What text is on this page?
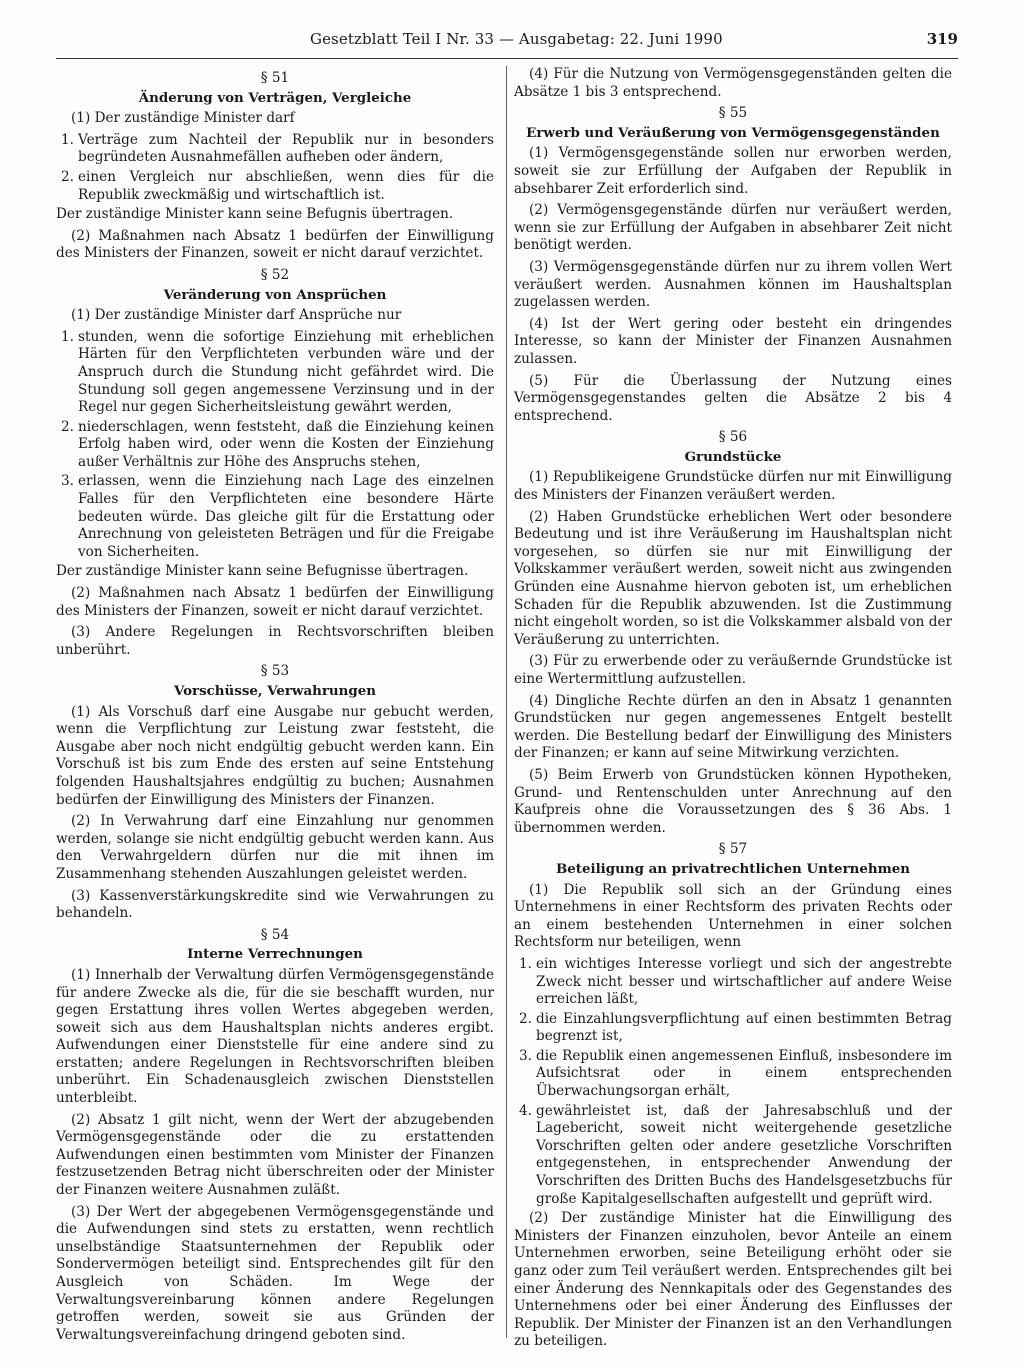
Gesetzblatt Teil I Nr. 33 — Ausgabetag: 22. Juni 1990	319
§ 51
Änderung von Verträgen, Vergleiche

(1) Der zuständige Minister darf

1. Verträge zum Nachteil der Republik nur in besonders begründeten Ausnahmefällen aufheben oder ändern,
2. einen Vergleich nur abschließen, wenn dies für die Republik zweckmäßig und wirtschaftlich ist.

Der zuständige Minister kann seine Befugnis übertragen.

(2) Maßnahmen nach Absatz 1 bedürfen der Einwilligung des Ministers der Finanzen, soweit er nicht darauf verzichtet.

§ 52
Veränderung von Ansprüchen

(1) Der zuständige Minister darf Ansprüche nur

1. stunden, wenn die sofortige Einziehung mit erheblichen Härten für den Verpflichteten verbunden wäre und der Anspruch durch die Stundung nicht gefährdet wird. Die Stundung soll gegen angemessene Verzinsung und in der Regel nur gegen Sicherheitsleistung gewährt werden,
2. niederschlagen, wenn feststeht, daß die Einziehung keinen Erfolg haben wird, oder wenn die Kosten der Einziehung außer Verhältnis zur Höhe des Anspruchs stehen,
3. erlassen, wenn die Einziehung nach Lage des einzelnen Falles für den Verpflichteten eine besondere Härte bedeuten würde. Das gleiche gilt für die Erstattung oder Anrechnung von geleisteten Beträgen und für die Freigabe von Sicherheiten.

Der zuständige Minister kann seine Befugnisse übertragen.

(2) Maßnahmen nach Absatz 1 bedürfen der Einwilligung des Ministers der Finanzen, soweit er nicht darauf verzichtet.

(3) Andere Regelungen in Rechtsvorschriften bleiben unberührt.

§ 53
Vorschüsse, Verwahrungen

(1) Als Vorschuß darf eine Ausgabe nur gebucht werden, wenn die Verpflichtung zur Leistung zwar feststeht, die Ausgabe aber noch nicht endgültig gebucht werden kann. Ein Vorschuß ist bis zum Ende des ersten auf seine Entstehung folgenden Haushaltsjahres endgültig zu buchen; Ausnahmen bedürfen der Einwilligung des Ministers der Finanzen.

(2) In Verwahrung darf eine Einzahlung nur genommen werden, solange sie nicht endgültig gebucht werden kann. Aus den Verwahrgeldern dürfen nur die mit ihnen im Zusammenhang stehenden Auszahlungen geleistet werden.

(3) Kassenverstärkungskredite sind wie Verwahrungen zu behandeln.

§ 54
Interne Verrechnungen

(1) Innerhalb der Verwaltung dürfen Vermögensgegenstände für andere Zwecke als die, für die sie beschafft wurden, nur gegen Erstattung ihres vollen Wertes abgegeben werden, soweit sich aus dem Haushaltsplan nichts anderes ergibt. Aufwendungen einer Dienststelle für eine andere sind zu erstatten; andere Regelungen in Rechtsvorschriften bleiben unberührt. Ein Schadenausgleich zwischen Dienststellen unterbleibt.

(2) Absatz 1 gilt nicht, wenn der Wert der abzugebenden Vermögensgegenstände oder die zu erstattenden Aufwendungen einen bestimmten vom Minister der Finanzen festzusetzenden Betrag nicht überschreiten oder der Minister der Finanzen weitere Ausnahmen zuläßt.

(3) Der Wert der abgegebenen Vermögensgegenstände und die Aufwendungen sind stets zu erstatten, wenn rechtlich unselbständige Staatsunternehmen der Republik oder Sondervermögen beteiligt sind. Entsprechendes gilt für den Ausgleich von Schäden. Im Wege der Verwaltungsvereinbarung können andere Regelungen getroffen werden, soweit sie aus Gründen der Verwaltungsvereinfachung dringend geboten sind.

(4) Für die Nutzung von Vermögensgegenständen gelten die Absätze 1 bis 3 entsprechend.

§ 55
Erwerb und Veräußerung von Vermögensgegenständen

(1) Vermögensgegenstände sollen nur erworben werden, soweit sie zur Erfüllung der Aufgaben der Republik in absehbarer Zeit erforderlich sind.

(2) Vermögensgegenstände dürfen nur veräußert werden, wenn sie zur Erfüllung der Aufgaben in absehbarer Zeit nicht benötigt werden.

(3) Vermögensgegenstände dürfen nur zu ihrem vollen Wert veräußert werden. Ausnahmen können im Haushaltsplan zugelassen werden.

(4) Ist der Wert gering oder besteht ein dringendes Interesse, so kann der Minister der Finanzen Ausnahmen zulassen.

(5) Für die Überlassung der Nutzung eines Vermögensgegenstandes gelten die Absätze 2 bis 4 entsprechend.

§ 56
Grundstücke

(1) Republikeigene Grundstücke dürfen nur mit Einwilligung des Ministers der Finanzen veräußert werden.

(2) Haben Grundstücke erheblichen Wert oder besondere Bedeutung und ist ihre Veräußerung im Haushaltsplan nicht vorgesehen, so dürfen sie nur mit Einwilligung der Volkskammer veräußert werden, soweit nicht aus zwingenden Gründen eine Ausnahme hiervon geboten ist, um erheblichen Schaden für die Republik abzuwenden. Ist die Zustimmung nicht eingeholt worden, so ist die Volkskammer alsbald von der Veräußerung zu unterrichten.

(3) Für zu erwerbende oder zu veräußernde Grundstücke ist eine Wertermittlung aufzustellen.

(4) Dingliche Rechte dürfen an den in Absatz 1 genannten Grundstücken nur gegen angemessenes Entgelt bestellt werden. Die Bestellung bedarf der Einwilligung des Ministers der Finanzen; er kann auf seine Mitwirkung verzichten.

(5) Beim Erwerb von Grundstücken können Hypotheken, Grund- und Rentenschulden unter Anrechnung auf den Kaufpreis ohne die Voraussetzungen des § 36 Abs. 1 übernommen werden.

§ 57
Beteiligung an privatrechtlichen Unternehmen

(1) Die Republik soll sich an der Gründung eines Unternehmens in einer Rechtsform des privaten Rechts oder an einem bestehenden Unternehmen in einer solchen Rechtsform nur beteiligen, wenn

1. ein wichtiges Interesse vorliegt und sich der angestrebte Zweck nicht besser und wirtschaftlicher auf andere Weise erreichen läßt,
2. die Einzahlungsverpflichtung auf einen bestimmten Betrag begrenzt ist,
3. die Republik einen angemessenen Einfluß, insbesondere im Aufsichtsrat oder in einem entsprechenden Überwachungsorgan erhält,
4. gewährleistet ist, daß der Jahresabschluß und der Lagebericht, soweit nicht weitergehende gesetzliche Vorschriften gelten oder andere gesetzliche Vorschriften entgegenstehen, in entsprechender Anwendung der Vorschriften des Dritten Buchs des Handelsgesetzbuchs für große Kapitalgesellschaften aufgestellt und geprüft wird.

(2) Der zuständige Minister hat die Einwilligung des Ministers der Finanzen einzuholen, bevor Anteile an einem Unternehmen erworben, seine Beteiligung erhöht oder sie ganz oder zum Teil veräußert werden. Entsprechendes gilt bei einer Änderung des Nennkapitals oder des Gegenstandes des Unternehmens oder bei einer Änderung des Einflusses der Republik. Der Minister der Finanzen ist an den Verhandlungen zu beteiligen.
